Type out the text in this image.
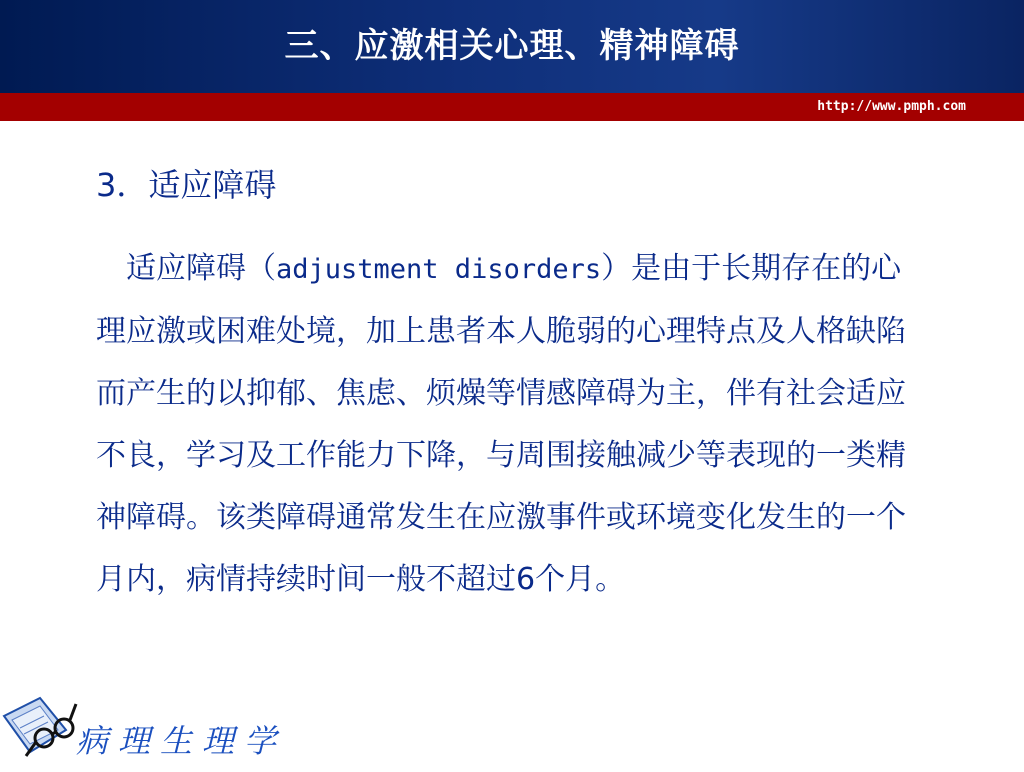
三、应激相关心理、精神障碍
http://www.pmph.com
3．适应障碍

　适应障碍（adjustment disorders）是由于长期存在的心理应激或困难处境，加上患者本人脆弱的心理特点及人格缺陷而产生的以抑郁、焦虑、烦燥等情感障碍为主，伴有社会适应不良，学习及工作能力下降，与周围接触减少等表现的一类精神障碍。该类障碍通常发生在应激事件或环境变化发生的一个月内，病情持续时间一般不超过6个月。

病理生理学
